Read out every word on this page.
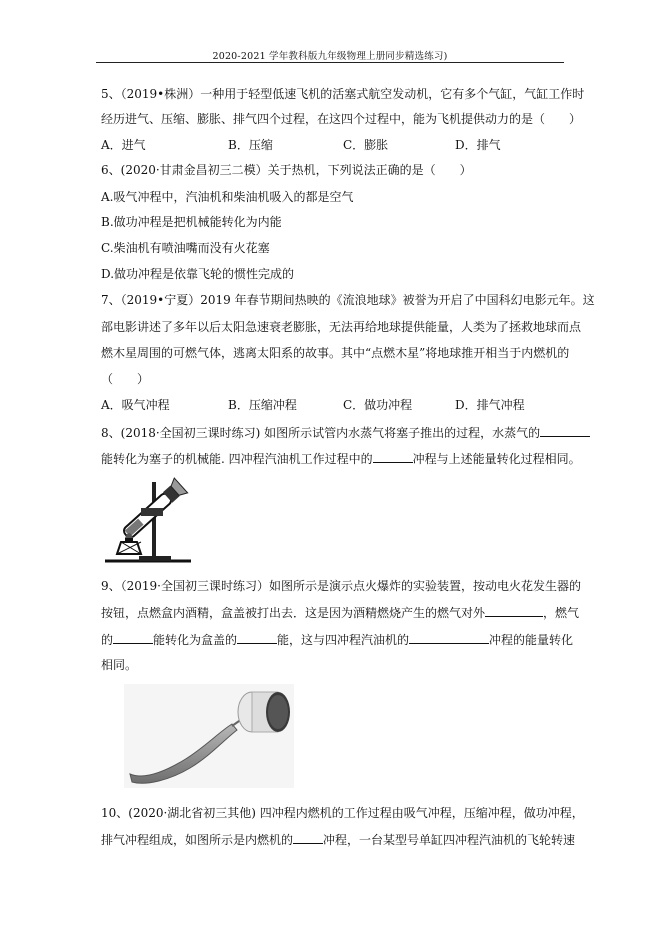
2020-2021 学年教科版九年级物理上册同步精选练习)
5、（2019•株洲）一种用于轻型低速飞机的活塞式航空发动机，它有多个气缸，气缸工作时
经历进气、压缩、膨胀、排气四个过程，在这四个过程中，能为飞机提供动力的是（　　）
A．进气	B．压缩	C．膨胀	D．排气
6、(2020·甘肃金昌初三二模）关于热机，下列说法正确的是（　　）
A.吸气冲程中，汽油机和柴油机吸入的都是空气
B.做功冲程是把机械能转化为内能
C.柴油机有喷油嘴而没有火花塞
D.做功冲程是依靠飞轮的惯性完成的
7、（2019•宁夏）2019 年春节期间热映的《流浪地球》被誉为开启了中国科幻电影元年。这
部电影讲述了多年以后太阳急速衰老膨胀，无法再给地球提供能量，人类为了拯救地球而点
燃木星周围的可燃气体，逃离太阳系的故事。其中“点燃木星”将地球推开相当于内燃机的
（　　）
A．吸气冲程	B．压缩冲程	C．做功冲程	D．排气冲程
8、(2018·全国初三课时练习) 如图所示试管内水蒸气将塞子推出的过程，水蒸气的
能转化为塞子的机械能. 四冲程汽油机工作过程中的	冲程与上述能量转化过程相同。
9、（2019·全国初三课时练习）如图所示是演示点火爆炸的实验装置，按动电火花发生器的
按钮，点燃盒内酒精，盒盖被打出去．这是因为酒精燃烧产生的燃气对外	，燃气
的	能转化为盒盖的	能，这与四冲程汽油机的	冲程的能量转化
相同。
10、(2020·湖北省初三其他) 四冲程内燃机的工作过程由吸气冲程，压缩冲程，做功冲程，
排气冲程组成，如图所示是内燃机的	冲程，一台某型号单缸四冲程汽油机的飞轮转速
